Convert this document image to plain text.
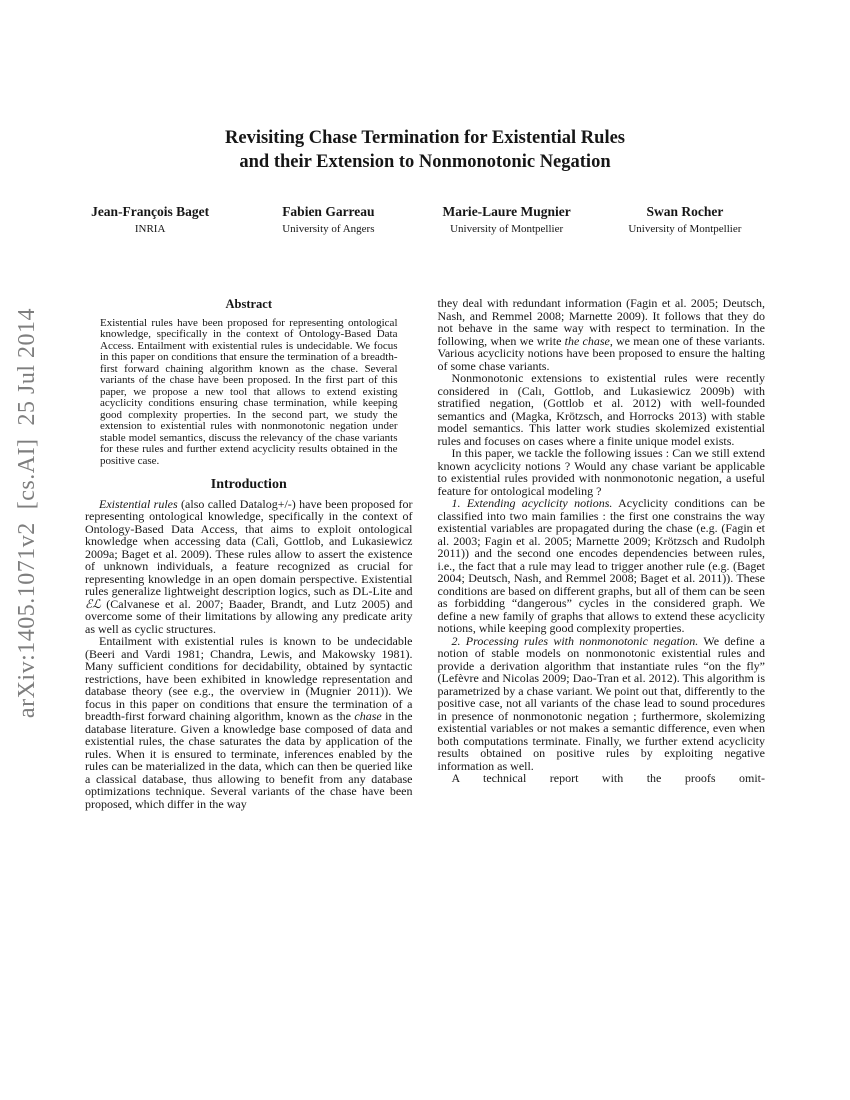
arXiv:1405.1071v2  [cs.AI]  25 Jul 2014
Revisiting Chase Termination for Existential Rules
and their Extension to Nonmonotonic Negation
Jean-François Baget
INRIA
Fabien Garreau
University of Angers
Marie-Laure Mugnier
University of Montpellier
Swan Rocher
University of Montpellier
Abstract
Existential rules have been proposed for representing ontological knowledge, specifically in the context of Ontology-Based Data Access. Entailment with existential rules is undecidable. We focus in this paper on conditions that ensure the termination of a breadth-first forward chaining algorithm known as the chase. Several variants of the chase have been proposed. In the first part of this paper, we propose a new tool that allows to extend existing acyclicity conditions ensuring chase termination, while keeping good complexity properties. In the second part, we study the extension to existential rules with nonmonotonic negation under stable model semantics, discuss the relevancy of the chase variants for these rules and further extend acyclicity results obtained in the positive case.
Introduction

Existential rules (also called Datalog+/-) have been proposed for representing ontological knowledge, specifically in the context of Ontology-Based Data Access, that aims to exploit ontological knowledge when accessing data (Calì, Gottlob, and Lukasiewicz 2009a; Baget et al. 2009). These rules allow to assert the existence of unknown individuals, a feature recognized as crucial for representing knowledge in an open domain perspective. Existential rules generalize lightweight description logics, such as DL-Lite and ℰℒ (Calvanese et al. 2007; Baader, Brandt, and Lutz 2005) and overcome some of their limitations by allowing any predicate arity as well as cyclic structures.

Entailment with existential rules is known to be undecidable (Beeri and Vardi 1981; Chandra, Lewis, and Makowsky 1981). Many sufficient conditions for decidability, obtained by syntactic restrictions, have been exhibited in knowledge representation and database theory (see e.g., the overview in (Mugnier 2011)). We focus in this paper on conditions that ensure the termination of a breadth-first forward chaining algorithm, known as the chase in the database literature. Given a knowledge base composed of data and existential rules, the chase saturates the data by application of the rules. When it is ensured to terminate, inferences enabled by the rules can be materialized in the data, which can then be queried like a classical database, thus allowing to benefit from any database optimizations technique. Several variants of the chase have been proposed, which differ in the way

they deal with redundant information (Fagin et al. 2005; Deutsch, Nash, and Remmel 2008; Marnette 2009). It follows that they do not behave in the same way with respect to termination. In the following, when we write the chase, we mean one of these variants. Various acyclicity notions have been proposed to ensure the halting of some chase variants.

Nonmonotonic extensions to existential rules were recently considered in (Calı, Gottlob, and Lukasiewicz 2009b) with stratified negation, (Gottlob et al. 2012) with well-founded semantics and (Magka, Krötzsch, and Horrocks 2013) with stable model semantics. This latter work studies skolemized existential rules and focuses on cases where a finite unique model exists.

In this paper, we tackle the following issues : Can we still extend known acyclicity notions ? Would any chase variant be applicable to existential rules provided with nonmonotonic negation, a useful feature for ontological modeling ?

1. Extending acyclicity notions. Acyclicity conditions can be classified into two main families : the first one constrains the way existential variables are propagated during the chase (e.g. (Fagin et al. 2003; Fagin et al. 2005; Marnette 2009; Krötzsch and Rudolph 2011)) and the second one encodes dependencies between rules, i.e., the fact that a rule may lead to trigger another rule (e.g. (Baget 2004; Deutsch, Nash, and Remmel 2008; Baget et al. 2011)). These conditions are based on different graphs, but all of them can be seen as forbidding “dangerous” cycles in the considered graph. We define a new family of graphs that allows to extend these acyclicity notions, while keeping good complexity properties.

2. Processing rules with nonmonotonic negation. We define a notion of stable models on nonmonotonic existential rules and provide a derivation algorithm that instantiate rules “on the fly” (Lefèvre and Nicolas 2009; Dao-Tran et al. 2012). This algorithm is parametrized by a chase variant. We point out that, differently to the positive case, not all variants of the chase lead to sound procedures in presence of nonmonotonic negation ; furthermore, skolemizing existential variables or not makes a semantic difference, even when both computations terminate. Finally, we further extend acyclicity results obtained on positive rules by exploiting negative information as well.

A technical report with the proofs omit-
